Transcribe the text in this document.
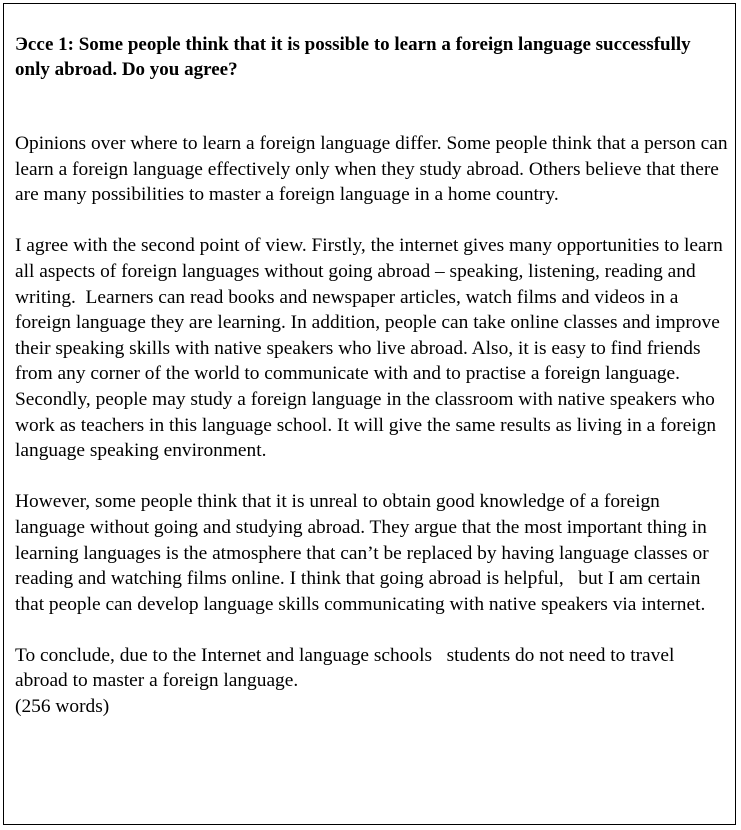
Эссе 1: Some people think that it is possible to learn a foreign language successfully only abroad. Do you agree?

Opinions over where to learn a foreign language differ. Some people think that a person can learn a foreign language effectively only when they study abroad. Others believe that there are many possibilities to master a foreign language in a home country.

I agree with the second point of view. Firstly, the internet gives many opportunities to learn all aspects of foreign languages without going abroad – speaking, listening, reading and writing.  Learners can read books and newspaper articles, watch films and videos in a foreign language they are learning. In addition, people can take online classes and improve their speaking skills with native speakers who live abroad. Also, it is easy to find friends from any corner of the world to communicate with and to practise a foreign language. Secondly, people may study a foreign language in the classroom with native speakers who work as teachers in this language school. It will give the same results as living in a foreign language speaking environment.

However, some people think that it is unreal to obtain good knowledge of a foreign language without going and studying abroad. They argue that the most important thing in learning languages is the atmosphere that can’t be replaced by having language classes or reading and watching films online. I think that going abroad is helpful,   but I am certain that people can develop language skills communicating with native speakers via internet.

To conclude, due to the Internet and language schools   students do not need to travel abroad to master a foreign language.

(256 words)
